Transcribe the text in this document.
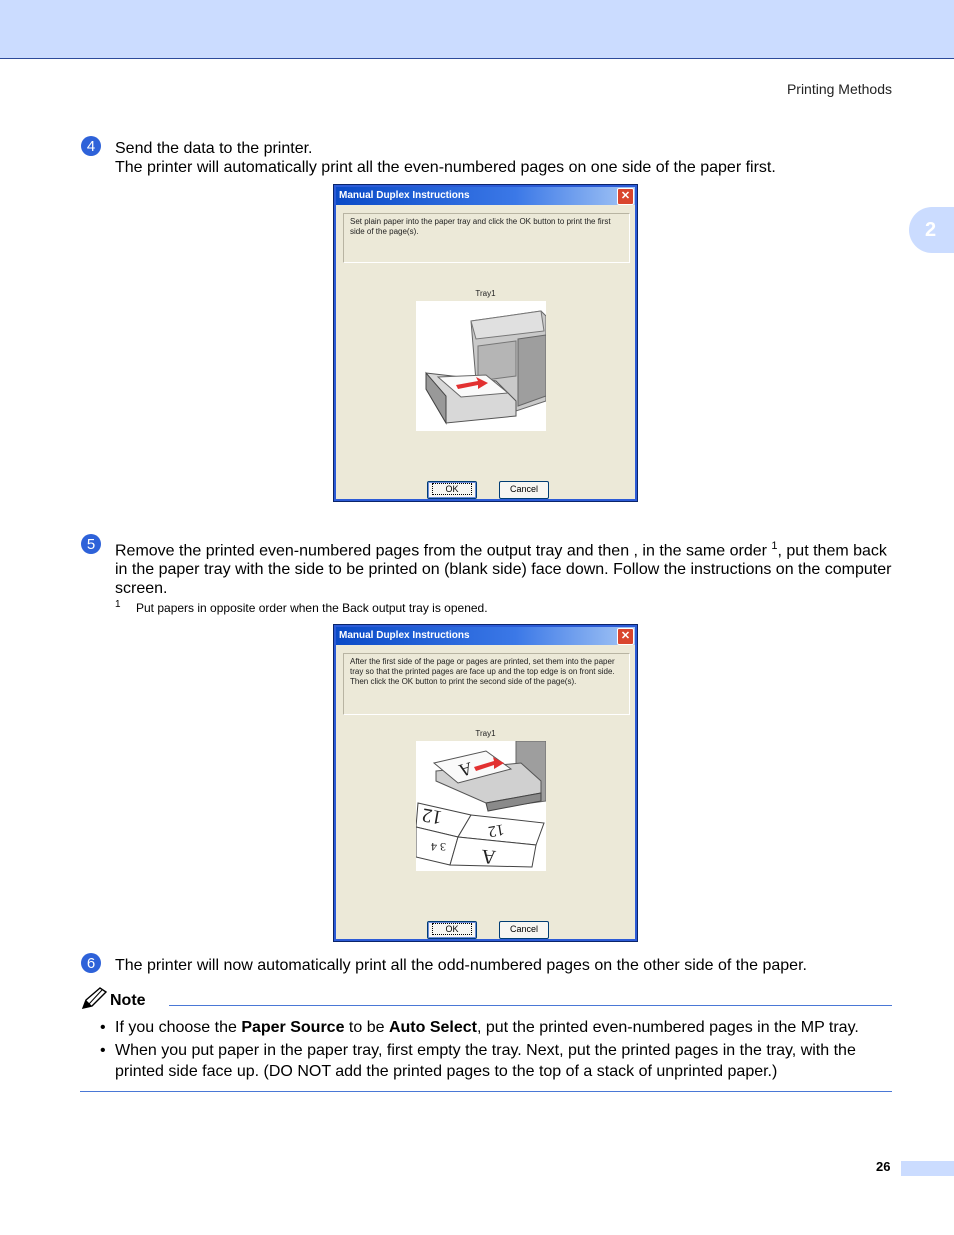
Printing Methods
2
4	Send the data to the printer.
The printer will automatically print all the even-numbered pages on one side of the paper first.
Manual Duplex Instructions	✕
Set plain paper into the paper tray and click the OK button to print the first side of the page(s).
Tray1
OK	Cancel
5	Remove the printed even-numbered pages from the output tray and then , in the same order $^1$, put them back in the paper tray with the side to be printed on (blank side) face down. Follow the instructions on the computer screen.
1 Put papers in opposite order when the Back output tray is opened.
Manual Duplex Instructions	✕
After the first side of the page or pages are printed, set them into the paper tray so that the printed pages are face up and the top edge is on front side. Then click the OK button to print the second side of the page(s).
Tray1
A
12
12
3 4 A
OK	Cancel
6	The printer will now automatically print all the odd-numbered pages on the other side of the paper.
Note
• If you choose the Paper Source to be Auto Select, put the printed even-numbered pages in the MP tray.
• When you put paper in the paper tray, first empty the tray. Next, put the printed pages in the tray, with the printed side face up. (DO NOT add the printed pages to the top of a stack of unprinted paper.)
26
